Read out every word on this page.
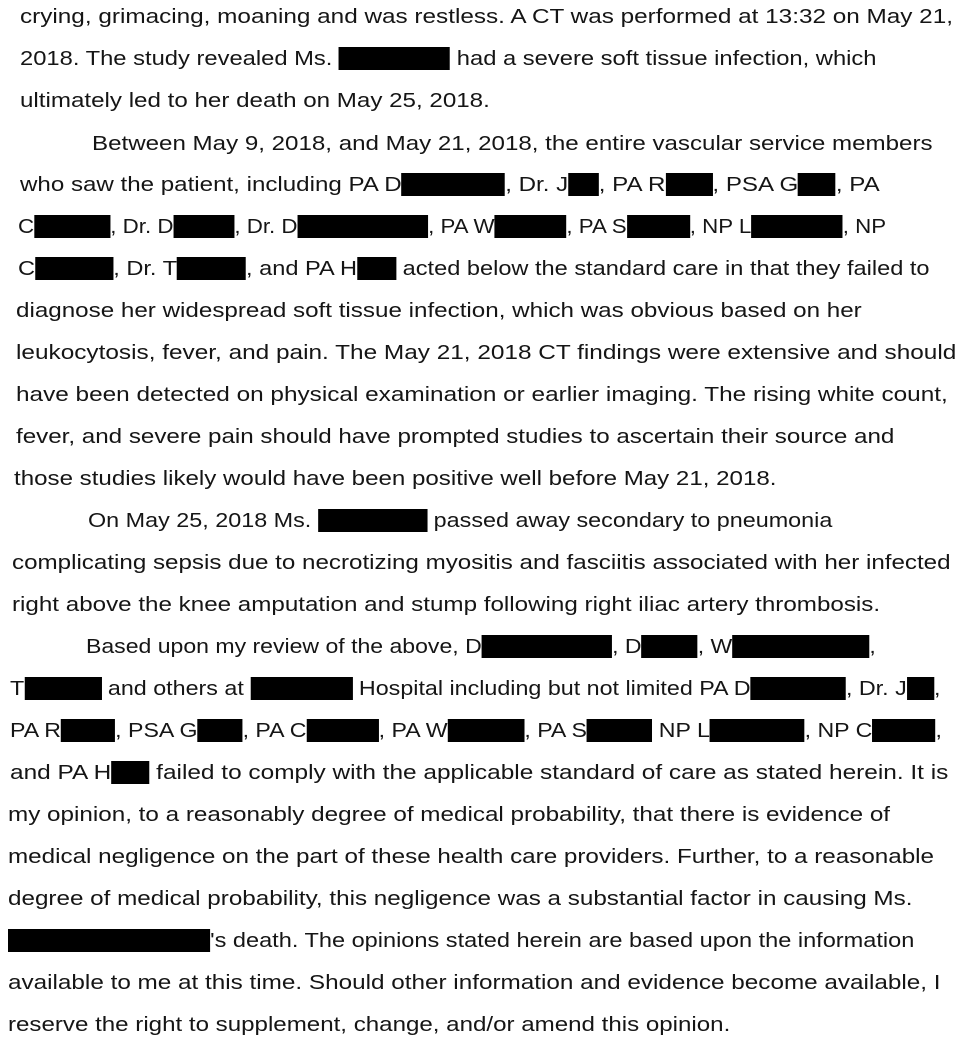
crying, grimacing, moaning and was restless. A CT was performed at 13:32 on May 21,
2018. The study revealed Ms.	had a severe soft tissue infection, which
ultimately led to her death on May 25, 2018.
Between May 9, 2018, and May 21, 2018, the entire vascular service members
who saw the patient, including PA D	, Dr. J , PA R , PSA G , PA
C	, Dr. D	, Dr. D	, PA W	, PA S	, NP L	, NP
C	, Dr. T	, and PA H acted below the standard care in that they failed to
diagnose her widespread soft tissue infection, which was obvious based on her
leukocytosis, fever, and pain. The May 21, 2018 CT findings were extensive and should
have been detected on physical examination or earlier imaging. The rising white count,
fever, and severe pain should have prompted studies to ascertain their source and
those studies likely would have been positive well before May 21, 2018.
On May 25, 2018 Ms.	passed away secondary to pneumonia
complicating sepsis due to necrotizing myositis and fasciitis associated with her infected
right above the knee amputation and stump following right iliac artery thrombosis.
Based upon my review of the above, D	, D	, W	,
T	and others at	Hospital including but not limited PA D	, Dr. J ,
PA R	, PSA G , PA C	, PA W	, PA S	NP L	, NP C	,
and PA H failed to comply with the applicable standard of care as stated herein. It is
my opinion, to a reasonably degree of medical probability, that there is evidence of
medical negligence on the part of these health care providers. Further, to a reasonable
degree of medical probability, this negligence was a substantial factor in causing Ms.
's death. The opinions stated herein are based upon the information
available to me at this time. Should other information and evidence become available, I
reserve the right to supplement, change, and/or amend this opinion.
